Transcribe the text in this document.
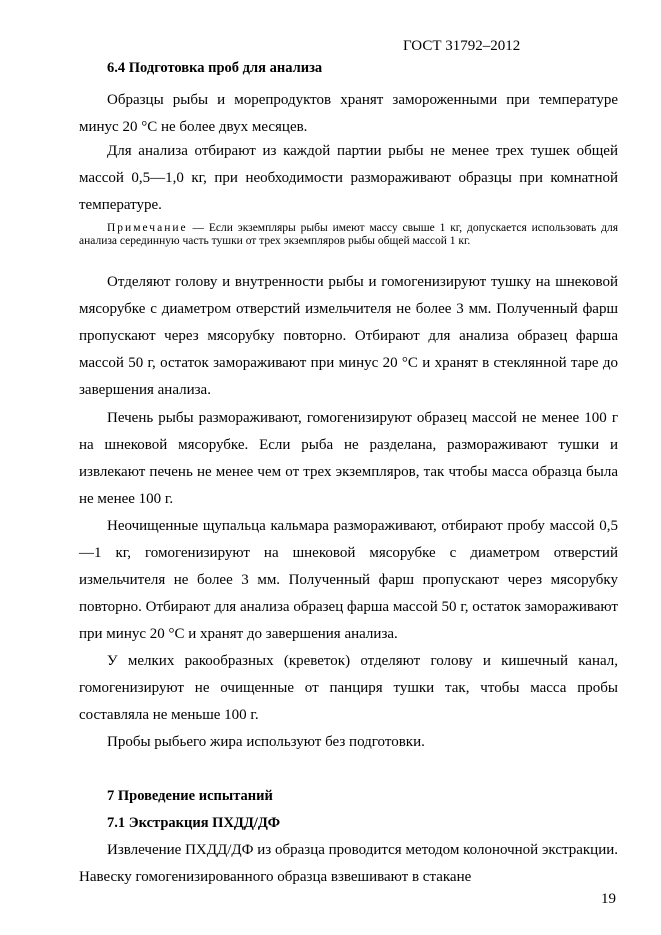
ГОСТ 31792–2012
6.4 Подготовка проб для анализа

Образцы рыбы и морепродуктов хранят замороженными при температуре минус 20 °С не более двух месяцев.

Для анализа отбирают из каждой партии рыбы не менее трех тушек общей массой 0,5—1,0 кг, при необходимости размораживают образцы при комнатной температуре.

Примечание — Если экземпляры рыбы имеют массу свыше 1 кг, допускается использовать для анализа серединную часть тушки от трех экземпляров рыбы общей массой 1 кг.

Отделяют голову и внутренности рыбы и гомогенизируют тушку на шнековой мясорубке с диаметром отверстий измельчителя не более 3 мм. Полученный фарш пропускают через мясорубку повторно. Отбирают для анализа образец фарша массой 50 г, остаток замораживают при минус 20 °С и хранят в стеклянной таре до завершения анализа.

Печень рыбы размораживают, гомогенизируют образец массой не менее 100 г на шнековой мясорубке. Если рыба не разделана, размораживают тушки и извлекают печень не менее чем от трех экземпляров, так чтобы масса образца была не менее 100 г.

Неочищенные щупальца кальмара размораживают, отбирают пробу массой 0,5—1 кг, гомогенизируют на шнековой мясорубке с диаметром отверстий измельчителя не более 3 мм. Полученный фарш пропускают через мясорубку повторно. Отбирают для анализа образец фарша массой 50 г, остаток замораживают при минус 20 °С и хранят до завершения анализа.

У мелких ракообразных (креветок) отделяют голову и кишечный канал, гомогенизируют не очищенные от панциря тушки так, чтобы масса пробы составляла не меньше 100 г.

Пробы рыбьего жира используют без подготовки.

7 Проведение испытаний
7.1 Экстракция ПХДД/ДФ

Извлечение ПХДД/ДФ из образца проводится методом колоночной экстракции. Навеску гомогенизированного образца взвешивают в стакане

19
